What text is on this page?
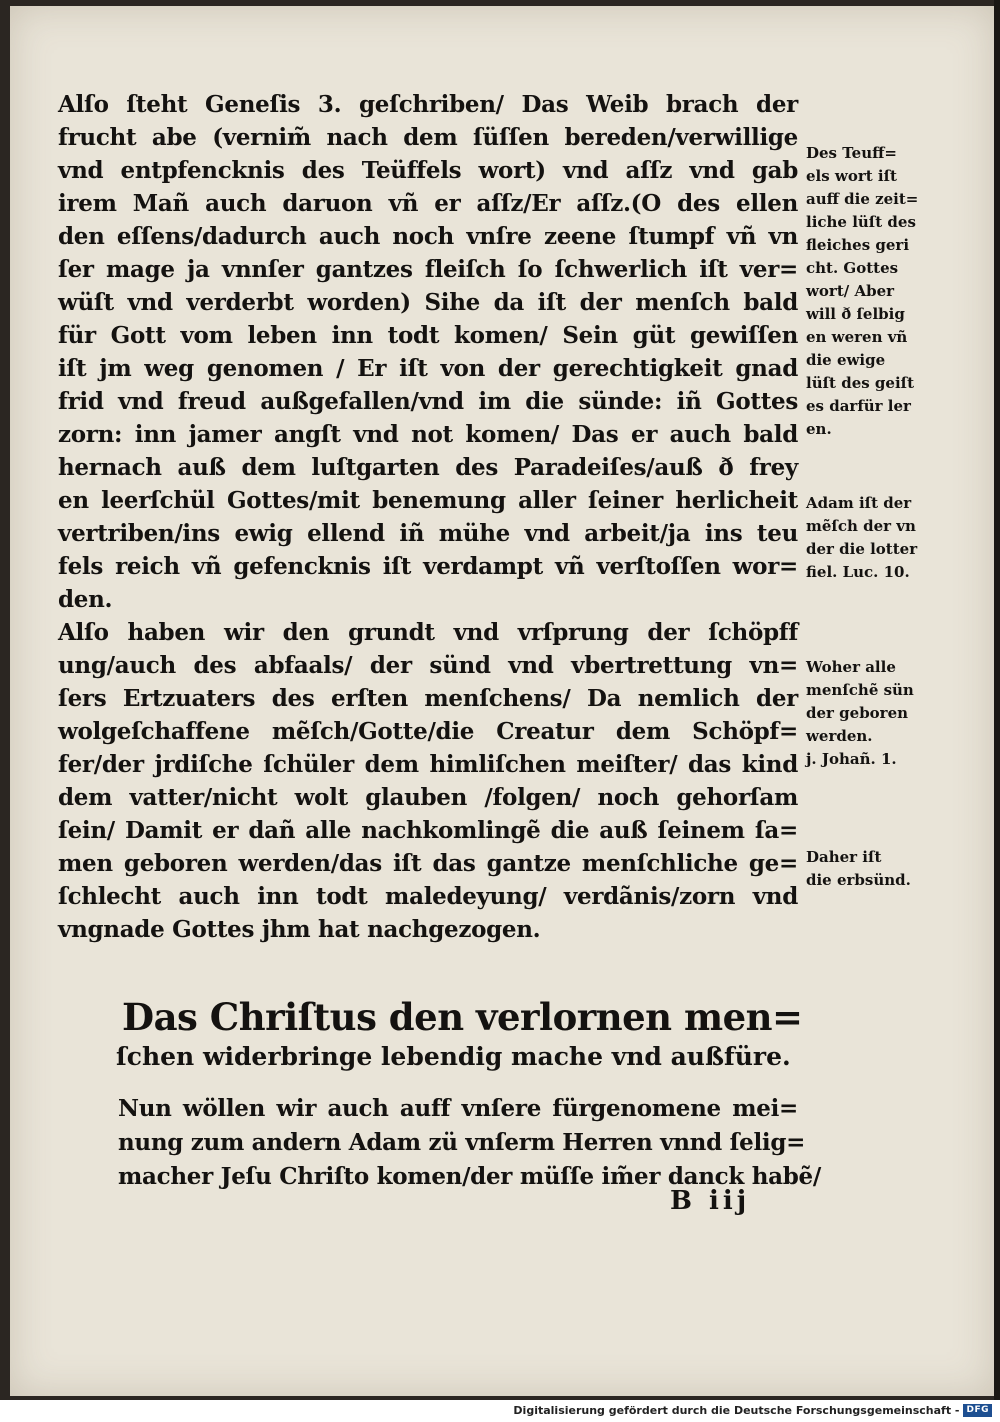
Alſo ſteht Geneſis 3. geſchriben/ Das Weib brach der
frucht abe (vernim̃ nach dem ſüſſen bereden/verwillige
vnd entpfencknis des Teüffels wort) vnd aſſz vnd gab
irem Mañ auch daruon vñ er aſſz/Er aſſz.(O des ellen
den eſſens/dadurch auch noch vnſre zeene ſtumpf vñ vn
ſer mage ja vnnſer gantzes fleiſch ſo ſchwerlich iſt ver=
wüſt vnd verderbt worden) Sihe da iſt der menſch bald
für Gott vom leben inn todt komen/ Sein güt gewiſſen
iſt jm weg genomen / Er iſt von der gerechtigkeit gnad
frid vnd freud außgefallen/vnd im die sünde: iñ Gottes
zorn: inn jamer angſt vnd not komen/ Das er auch bald
hernach auß dem luſtgarten des Paradeiſes/auß ð frey
en leerſchül Gottes/mit benemung aller ſeiner herlicheit
vertriben/ins ewig ellend iñ mühe vnd arbeit/ja ins teu
fels reich vñ gefencknis iſt verdampt vñ verſtoſſen wor=
den.
Alſo haben wir den grundt vnd vrſprung der ſchöpff
ung/auch des abfaals/ der sünd vnd vbertrettung vn=
ſers Ertzuaters des erſten menſchens/ Da nemlich der
wolgeſchaffene mẽſch/Gotte/die Creatur dem Schöpf=
fer/der jrdiſche ſchüler dem himliſchen meiſter/ das kind
dem vatter/nicht wolt glauben /folgen/ noch gehorſam
ſein/ Damit er dañ alle nachkomlingẽ die auß ſeinem ſa=
men geboren werden/das iſt das gantze menſchliche ge=
ſchlecht auch inn todt maledeyung/ verdãnis/zorn vnd
vngnade Gottes jhm hat nachgezogen.
Das Chriſtus den verlornen men=
ſchen widerbringe lebendig mache vnd außfüre.
Nun wöllen wir auch auff vnſere fürgenomene mei=
nung zum andern Adam zü vnſerm Herren vnnd ſelig=
macher Jeſu Chriſto komen/der müſſe im̃er danck habẽ/
B iij
Des Teuff=
els wort iſt
auff die zeit=
liche lüſt des
fleiches geri
cht. Gottes
wort/ Aber
will ð ſelbig
en weren vñ
die ewige
lüſt des geiſt
es darfür ler
en.
Adam iſt der
mẽſch der vn
der die lotter
fiel. Luc. 10.
Woher alle
menſchẽ sün
der geboren
werden.
j. Johañ. 1.
Daher iſt
die erbsünd.
Digitalisierung gefördert durch die Deutsche Forschungsgemeinschaft - DFG
